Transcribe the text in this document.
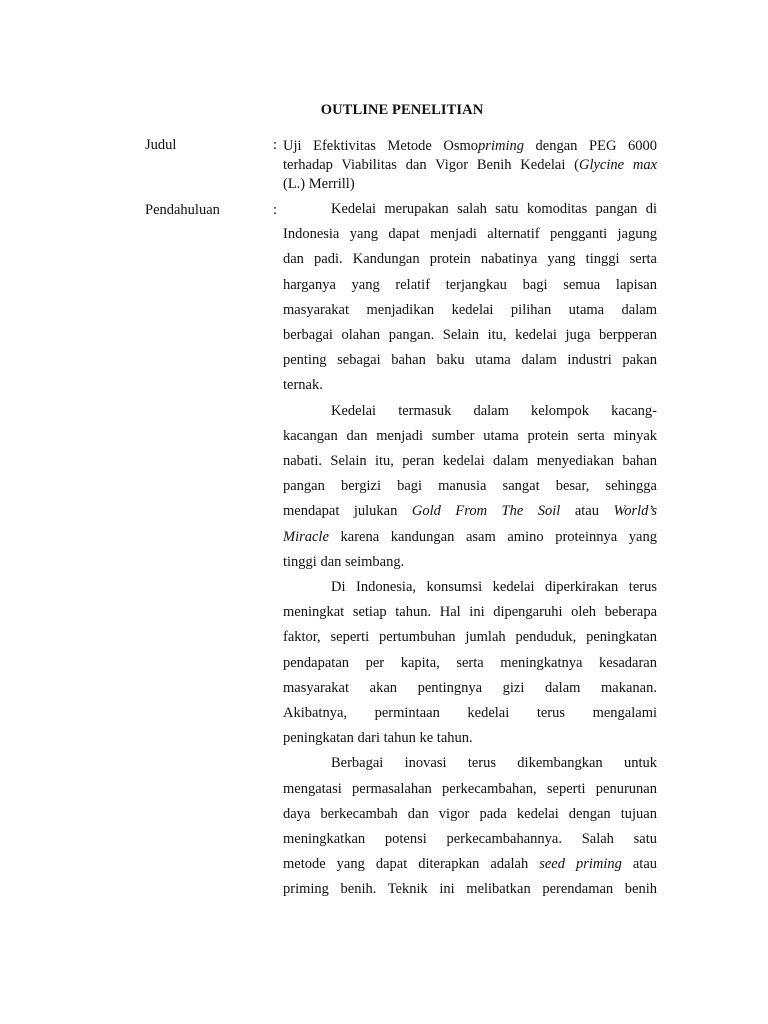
OUTLINE PENELITIAN
Judul	: Uji Efektivitas Metode Osmopriming dengan PEG 6000
terhadap Viabilitas dan Vigor Benih Kedelai (Glycine max
(L.) Merrill)
Pendahuluan	:	Kedelai merupakan salah satu komoditas pangan di
Indonesia yang dapat menjadi alternatif pengganti jagung
dan padi. Kandungan protein nabatinya yang tinggi serta
harganya yang relatif terjangkau bagi semua lapisan
masyarakat menjadikan kedelai pilihan utama dalam
berbagai olahan pangan. Selain itu, kedelai juga berpperan
penting sebagai bahan baku utama dalam industri pakan
ternak.
Kedelai termasuk dalam kelompok kacang-
kacangan dan menjadi sumber utama protein serta minyak
nabati. Selain itu, peran kedelai dalam menyediakan bahan
pangan bergizi bagi manusia sangat besar, sehingga
mendapat julukan Gold From The Soil atau World’s
Miracle karena kandungan asam amino proteinnya yang
tinggi dan seimbang.
Di Indonesia, konsumsi kedelai diperkirakan terus
meningkat setiap tahun. Hal ini dipengaruhi oleh beberapa
faktor, seperti pertumbuhan jumlah penduduk, peningkatan
pendapatan per kapita, serta meningkatnya kesadaran
masyarakat akan pentingnya gizi dalam makanan.
Akibatnya, permintaan kedelai terus mengalami
peningkatan dari tahun ke tahun.
Berbagai inovasi terus dikembangkan untuk
mengatasi permasalahan perkecambahan, seperti penurunan
daya berkecambah dan vigor pada kedelai dengan tujuan
meningkatkan potensi perkecambahannya. Salah satu
metode yang dapat diterapkan adalah seed priming atau
priming benih. Teknik ini melibatkan perendaman benih
